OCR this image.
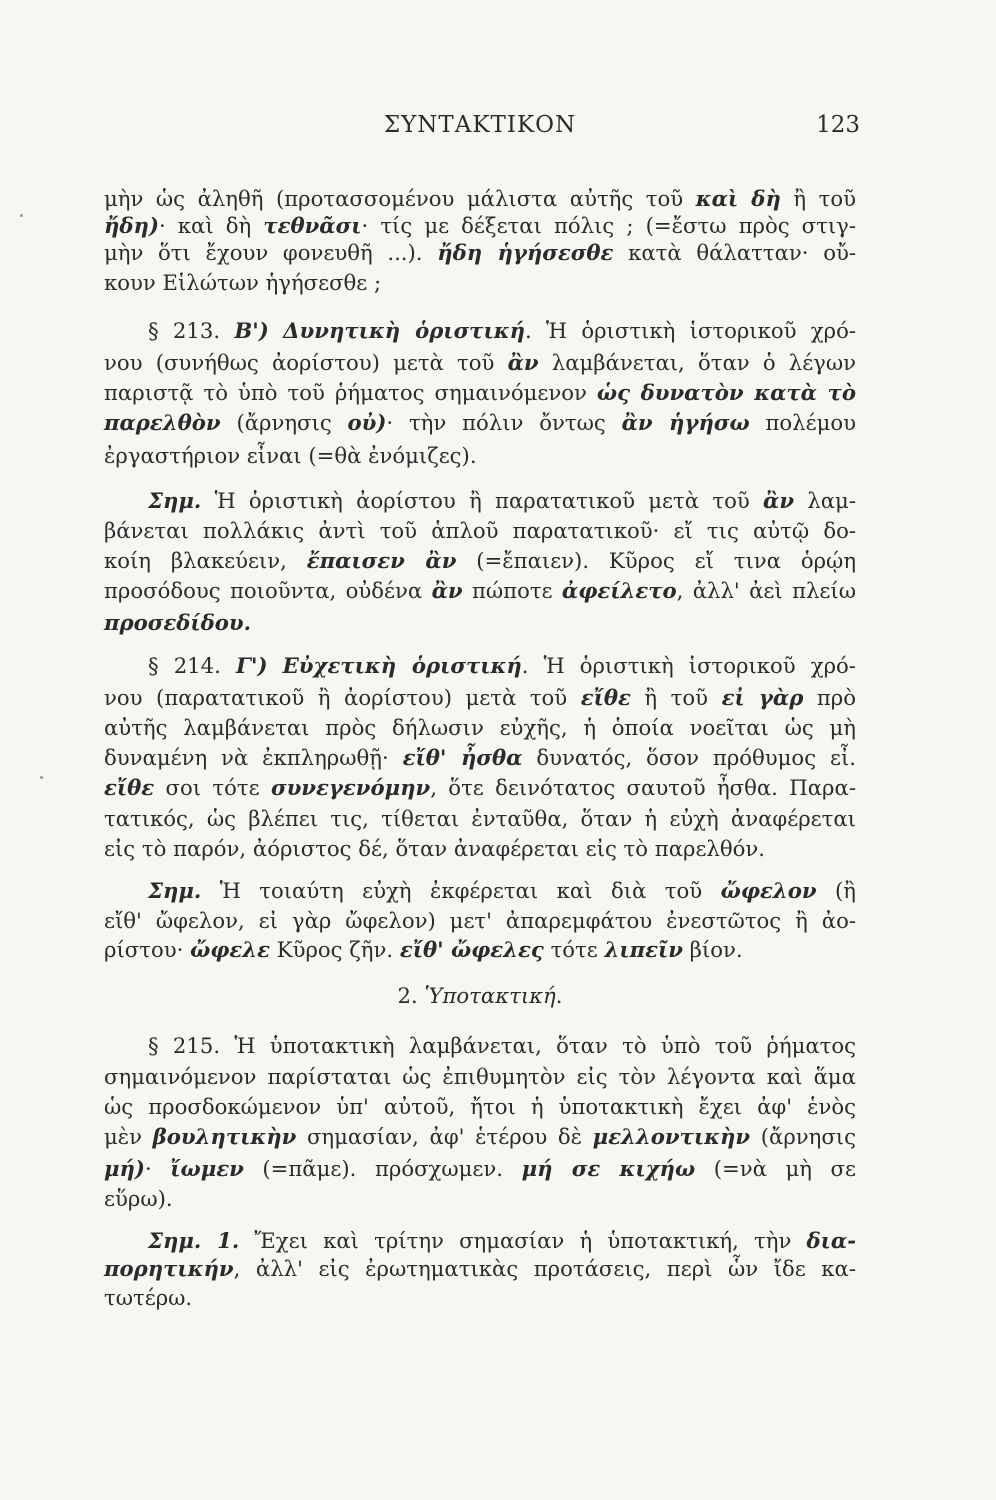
ΣΥΝΤΑΚΤΙΚΟΝ	123
μὴν ὡς ἀληθῆ (προτασσομένου μάλιστα αὐτῆς τοῦ καὶ δὴ ἢ τοῦ
ἤδη)· καὶ δὴ τεθνᾶσι· τίς με δέξεται πόλις ; (=ἔστω πρὸς στιγ-
μὴν ὅτι ἔχουν φονευθῆ ...). ἤδη ἡγήσεσθε κατὰ θάλατταν· οὔ-
κουν Εἱλώτων ἡγήσεσθε ;
§ 213. Β') Δυνητικὴ ὁριστική. Ἡ ὁριστικὴ ἱστορικοῦ χρό-
νου (συνήθως ἀορίστου) μετὰ τοῦ ἂν λαμβάνεται, ὅταν ὁ λέγων
παριστᾷ τὸ ὑπὸ τοῦ ῥήματος σημαινόμενον ὡς δυνατὸν κατὰ τὸ
παρελθὸν (ἄρνησις οὐ)· τὴν πόλιν ὄντως ἂν ἡγήσω πολέμου
ἐργαστήριον εἶναι (=θὰ ἐνόμιζες).
Σημ. Ἡ ὁριστικὴ ἀορίστου ἢ παρατατικοῦ μετὰ τοῦ ἂν λαμ-
βάνεται πολλάκις ἀντὶ τοῦ ἁπλοῦ παρατατικοῦ· εἴ τις αὐτῷ δο-
κοίη βλακεύειν, ἔπαισεν ἂν (=ἔπαιεν). Κῦρος εἴ τινα ὁρῴη
προσόδους ποιοῦντα, οὐδένα ἂν πώποτε ἀφείλετο, ἀλλ' ἀεὶ πλείω
προσεδίδου.
§ 214. Γ') Εὐχετικὴ ὁριστική. Ἡ ὁριστικὴ ἱστορικοῦ χρό-
νου (παρατατικοῦ ἢ ἀορίστου) μετὰ τοῦ εἴθε ἢ τοῦ εἰ γὰρ πρὸ
αὐτῆς λαμβάνεται πρὸς δήλωσιν εὐχῆς, ἡ ὁποία νοεῖται ὡς μὴ
δυναμένη νὰ ἐκπληρωθῇ· εἴθ' ἦσθα δυνατός, ὅσον πρόθυμος εἶ.
εἴθε σοι τότε συνεγενόμην, ὅτε δεινότατος σαυτοῦ ἦσθα. Παρα-
τατικός, ὡς βλέπει τις, τίθεται ἐνταῦθα, ὅταν ἡ εὐχὴ ἀναφέρεται
εἰς τὸ παρόν, ἀόριστος δέ, ὅταν ἀναφέρεται εἰς τὸ παρελθόν.
Σημ. Ἡ τοιαύτη εὐχὴ ἐκφέρεται καὶ διὰ τοῦ ὤφελον (ἢ
εἴθ' ὤφελον, εἰ γὰρ ὤφελον) μετ' ἀπαρεμφάτου ἐνεστῶτος ἢ ἀο-
ρίστου· ὤφελε Κῦρος ζῆν. εἴθ' ὤφελες τότε λιπεῖν βίον.
2. Ὑποτακτική.
§ 215. Ἡ ὑποτακτικὴ λαμβάνεται, ὅταν τὸ ὑπὸ τοῦ ῥήματος
σημαινόμενον παρίσταται ὡς ἐπιθυμητὸν εἰς τὸν λέγοντα καὶ ἅμα
ὡς προσδοκώμενον ὑπ' αὐτοῦ, ἤτοι ἡ ὑποτακτικὴ ἔχει ἀφ' ἑνὸς
μὲν βουλητικὴν σημασίαν, ἀφ' ἑτέρου δὲ μελλοντικὴν (ἄρνησις
μή)· ἴωμεν (=πᾶμε). πρόσχωμεν. μή σε κιχήω (=νὰ μὴ σε
εὕρω).
Σημ. 1. Ἔχει καὶ τρίτην σημασίαν ἡ ὑποτακτική, τὴν δια-
πορητικήν, ἀλλ' εἰς ἐρωτηματικὰς προτάσεις, περὶ ὧν ἴδε κα-
τωτέρω.
